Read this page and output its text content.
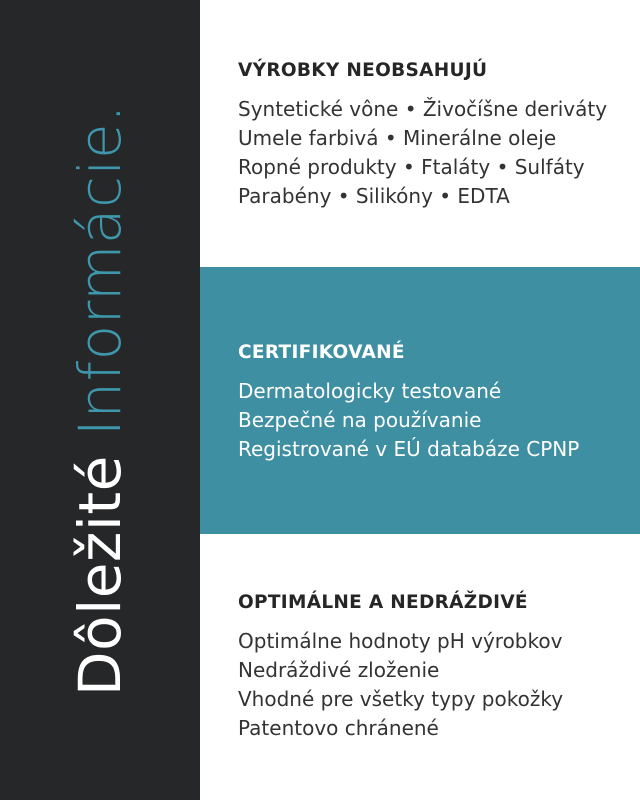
Dôležité Informácie.
VÝROBKY NEOBSAHUJÚ
Syntetické vône • Živočíšne deriváty
Umele farbivá • Minerálne oleje
Ropné produkty • Ftaláty • Sulfáty
Parabény • Silikóny • EDTA
CERTIFIKOVANÉ
Dermatologicky testované
Bezpečné na používanie
Registrované v EÚ databáze CPNP
OPTIMÁLNE A NEDRÁŽDIVÉ
Optimálne hodnoty pH výrobkov
Nedráždivé zloženie
Vhodné pre všetky typy pokožky
Patentovo chránené
